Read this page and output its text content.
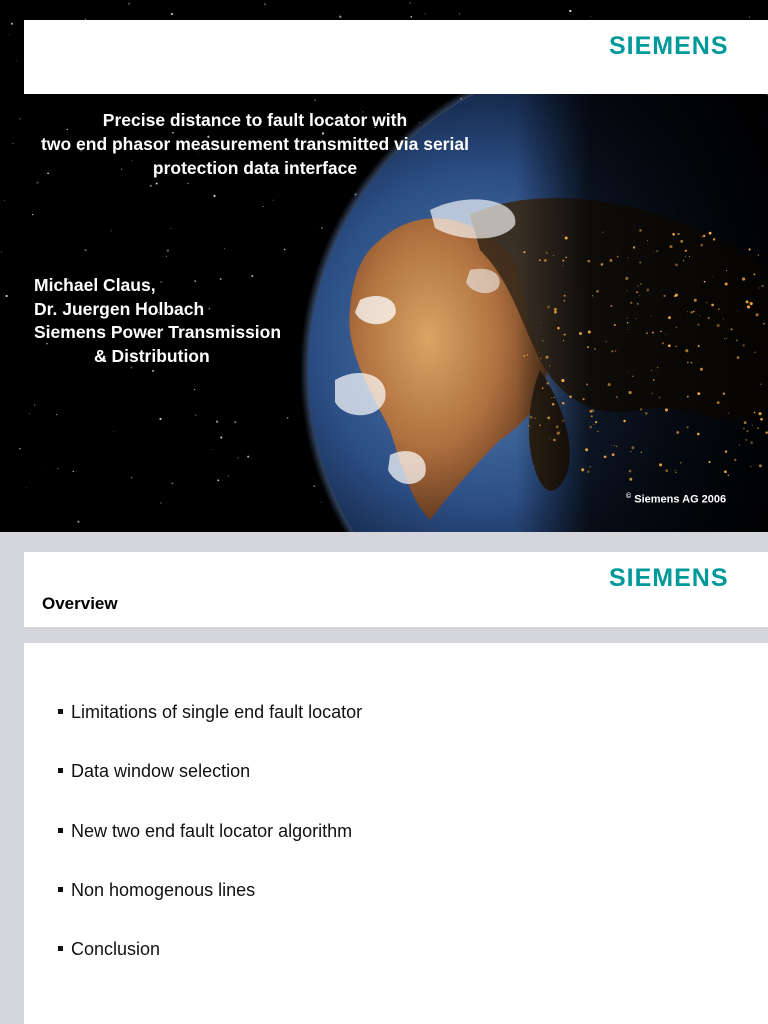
SIEMENS
Precise distance to fault locator with
two end phasor measurement transmitted via serial
protection data interface
Michael Claus,
Dr. Juergen Holbach
Siemens Power Transmission
& Distribution
© Siemens AG 2006
SIEMENS
Overview
Limitations of single end fault locator
Data window selection
New two end fault locator algorithm
Non homogenous lines
Conclusion
